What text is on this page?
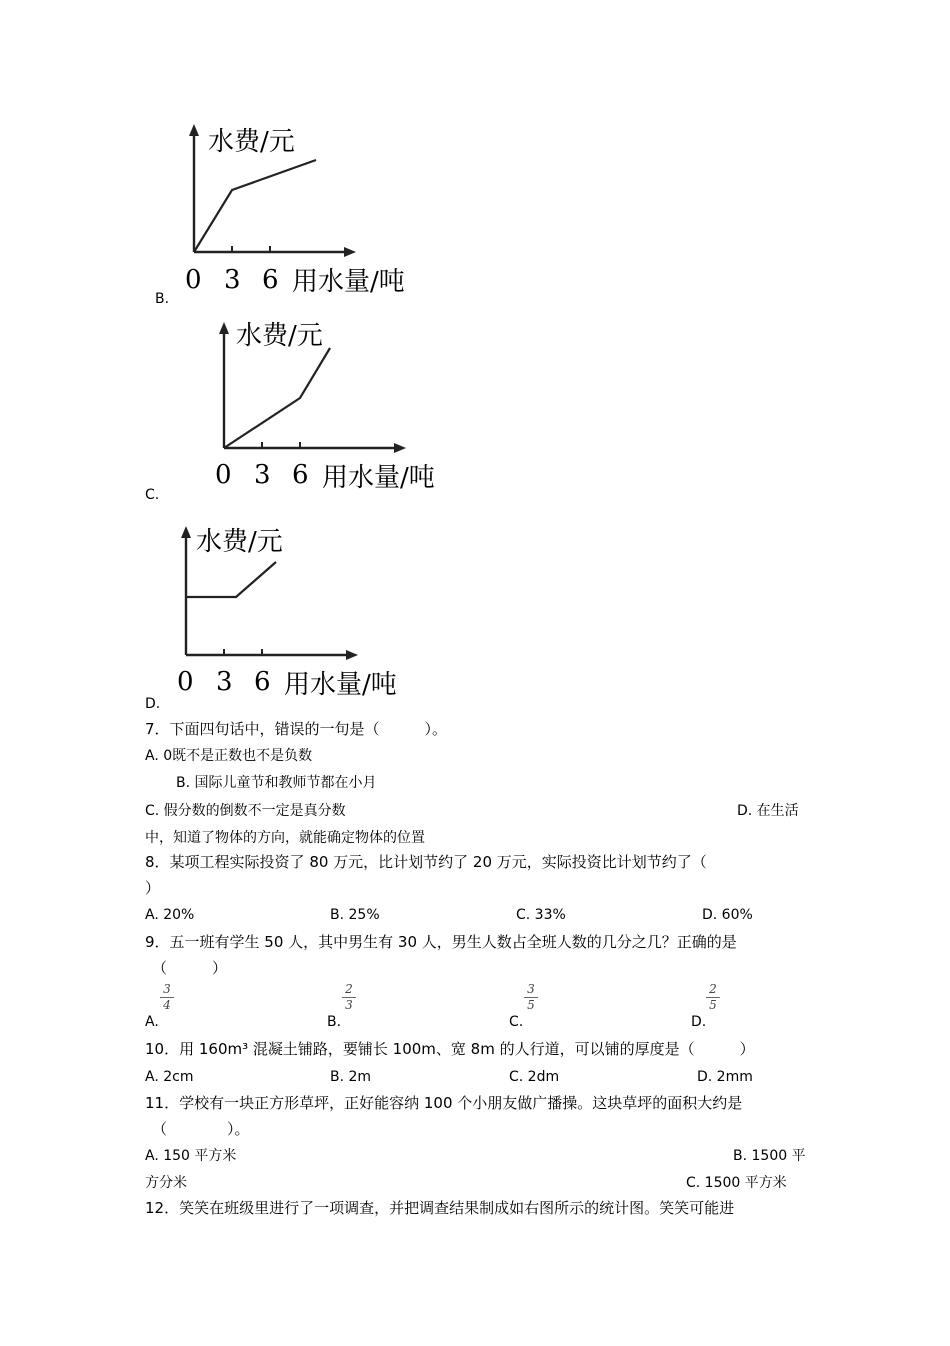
水费/元
0 3 6 用水量/吨
B.
水费/元
0 3 6 用水量/吨
C.
水费/元
0 3 6 用水量/吨
D.
7．下面四句话中，错误的一句是（　　　）。
A. 0既不是正数也不是负数
B. 国际儿童节和教师节都在小月
C. 假分数的倒数不一定是真分数	D. 在生活
中，知道了物体的方向，就能确定物体的位置
8．某项工程实际投资了 80 万元，比计划节约了 20 万元，实际投资比计划节约了（
）
A. 20%	B. 25%	C. 33%	D. 60%
9．五一班有学生 50 人，其中男生有 30 人，男生人数占全班人数的几分之几？正确的是
（　　　）
A.
3
4
B.
2
3
C.
3
5
D.
2
5
10．用 160m³ 混凝土铺路，要铺长 100m、宽 8m 的人行道，可以铺的厚度是（　　　）
A. 2cm	B. 2m	C. 2dm	D. 2mm
11．学校有一块正方形草坪，正好能容纳 100 个小朋友做广播操。这块草坪的面积大约是
（　　　　）。
A. 150 平方米	B. 1500 平
方分米	C. 1500 平方米
12．笑笑在班级里进行了一项调查，并把调查结果制成如右图所示的统计图。笑笑可能进
